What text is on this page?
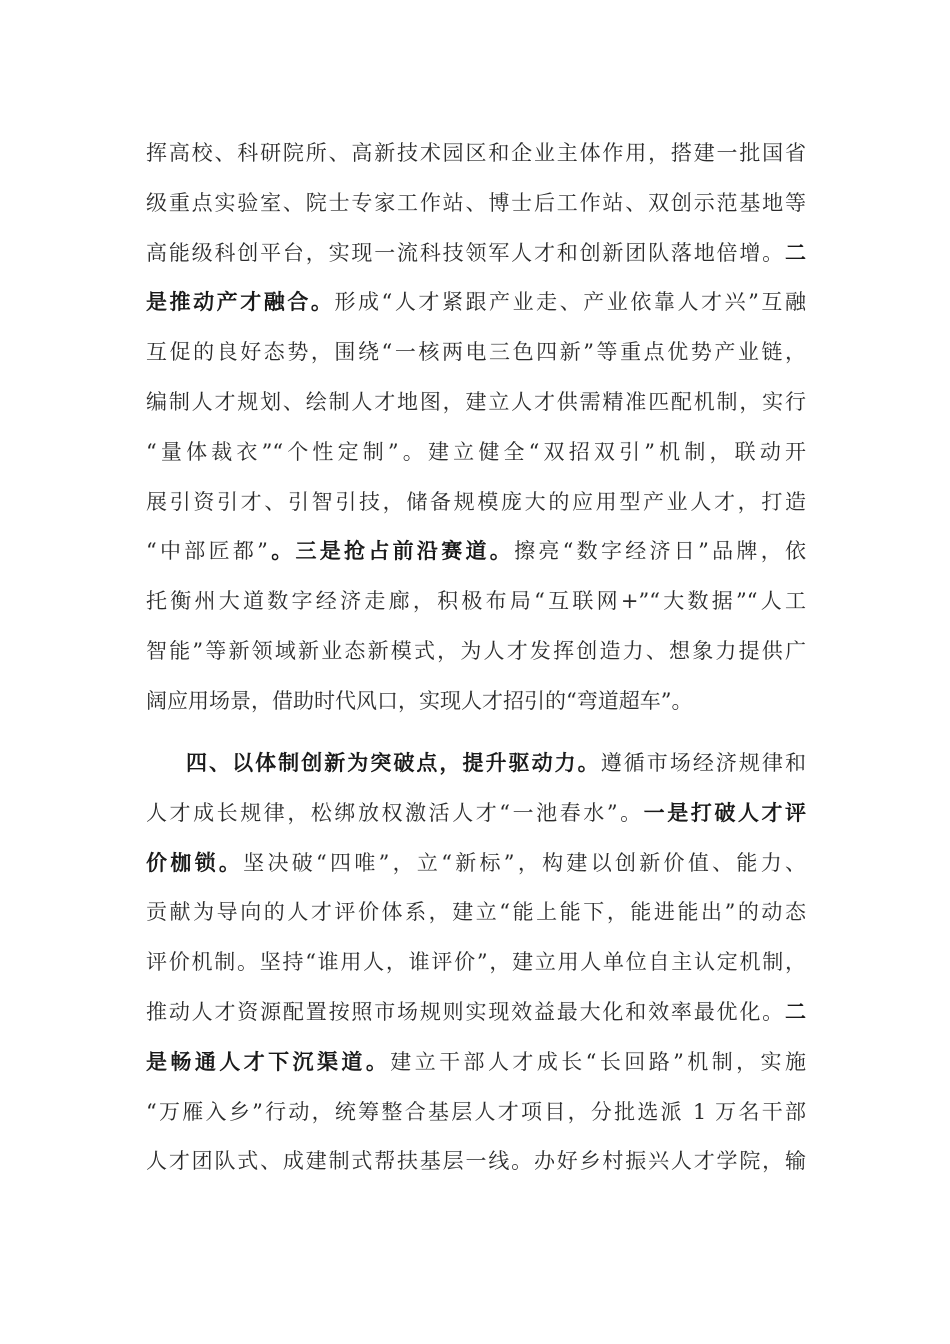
挥高校、科研院所、高新技术园区和企业主体作用，搭建一批国省
级重点实验室、院士专家工作站、博士后工作站、双创示范基地等
高能级科创平台，实现一流科技领军人才和创新团队落地倍增。二
是推动产才融合。形成“人才紧跟产业走、产业依靠人才兴”互融
互促的良好态势，围绕“一核两电三色四新”等重点优势产业链，
编制人才规划、绘制人才地图，建立人才供需精准匹配机制，实行
“量体裁衣”“个性定制”。建立健全“双招双引”机制，联动开
展引资引才、引智引技，储备规模庞大的应用型产业人才，打造
“中部匠都”。三是抢占前沿赛道。擦亮“数字经济日”品牌，依
托衡州大道数字经济走廊，积极布局“互联网+”“大数据”“人工
智能”等新领域新业态新模式，为人才发挥创造力、想象力提供广
阔应用场景，借助时代风口，实现人才招引的“弯道超车”。
四、以体制创新为突破点，提升驱动力。遵循市场经济规律和
人才成长规律，松绑放权激活人才“一池春水”。一是打破人才评
价枷锁。坚决破“四唯”，立“新标”，构建以创新价值、能力、
贡献为导向的人才评价体系，建立“能上能下，能进能出”的动态
评价机制。坚持“谁用人，谁评价”，建立用人单位自主认定机制，
推动人才资源配置按照市场规则实现效益最大化和效率最优化。二
是畅通人才下沉渠道。建立干部人才成长“长回路”机制，实施
“万雁入乡”行动，统筹整合基层人才项目，分批选派 1 万名干部
人才团队式、成建制式帮扶基层一线。办好乡村振兴人才学院，输
